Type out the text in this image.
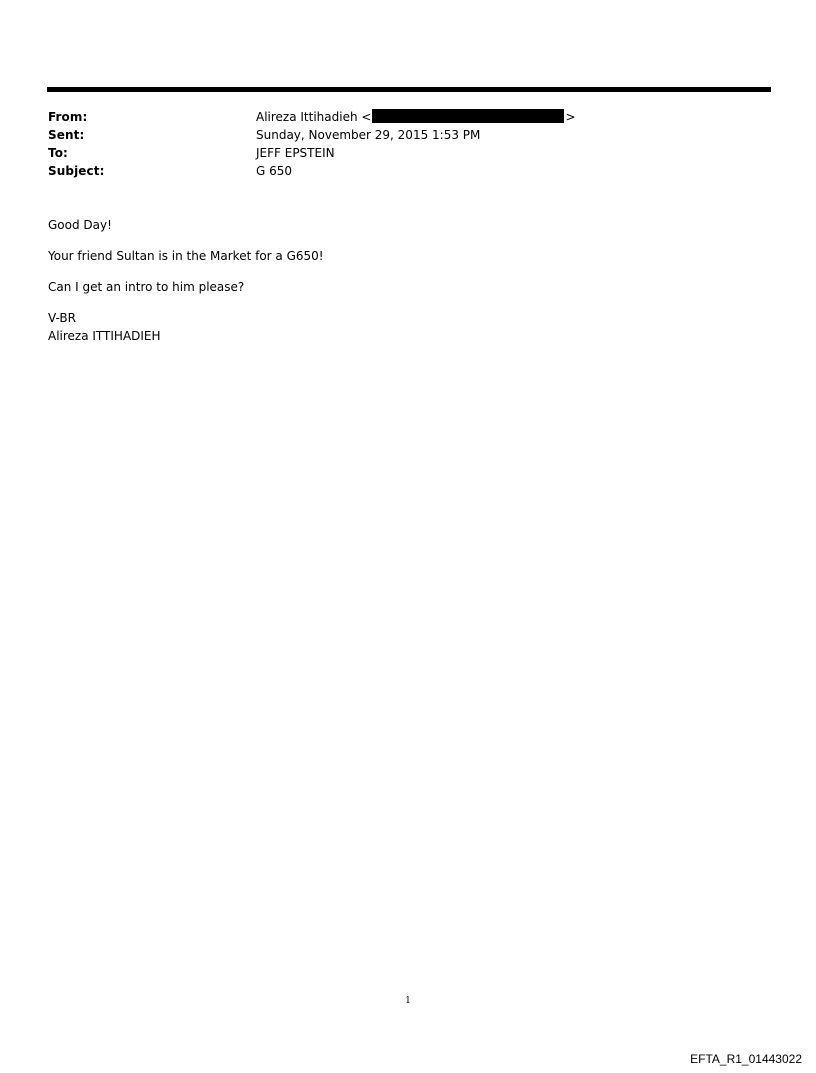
From:	Alireza Ittihadieh <	>
Sent:	Sunday, November 29, 2015 1:53 PM
To:	JEFF EPSTEIN
Subject:	G 650

Good Day!

Your friend Sultan is in the Market for a G650!

Can I get an intro to him please?

V-BR

Alireza ITTIHADIEH

1
EFTA_R1_01443022
